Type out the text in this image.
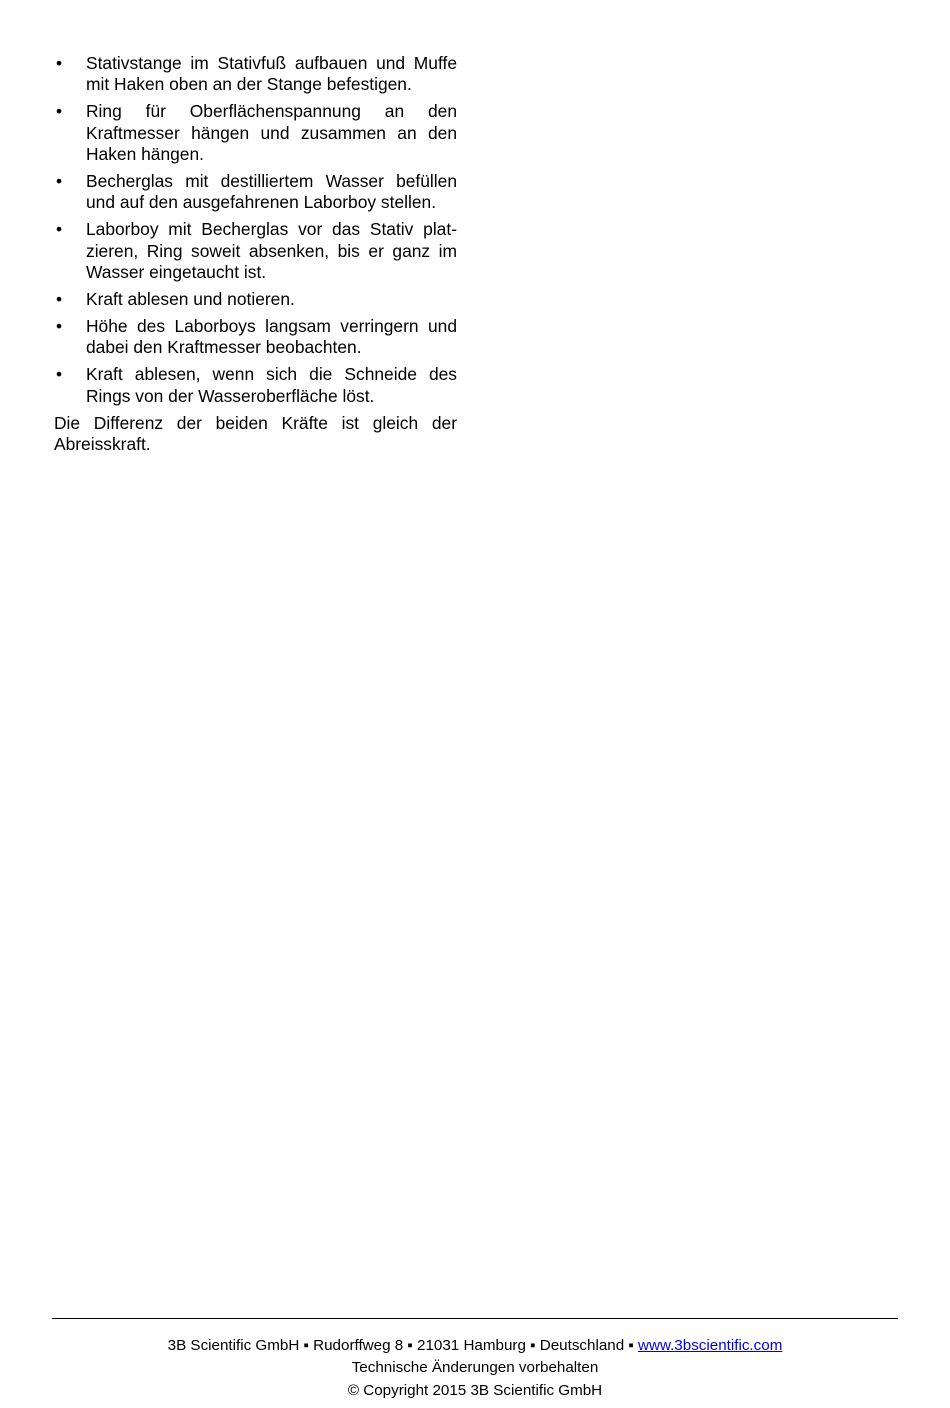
• Stativstange im Stativfuß aufbauen und Muffe mit Haken oben an der Stange befestigen.
• Ring für Oberflächenspannung an den Kraftmesser hängen und zusammen an den Haken hängen.
• Becherglas mit destilliertem Wasser befüllen und auf den ausgefahrenen Laborboy stellen.
• Laborboy mit Becherglas vor das Stativ platzieren, Ring soweit absenken, bis er ganz im Wasser eingetaucht ist.
• Kraft ablesen und notieren.
• Höhe des Laborboys langsam verringern und dabei den Kraftmesser beobachten.
• Kraft ablesen, wenn sich die Schneide des Rings von der Wasseroberfläche löst.

Die Differenz der beiden Kräfte ist gleich der Abreisskraft.

3B Scientific GmbH ▪ Rudorffweg 8 ▪ 21031 Hamburg ▪ Deutschland ▪ www.3bscientific.com
Technische Änderungen vorbehalten
© Copyright 2015 3B Scientific GmbH
